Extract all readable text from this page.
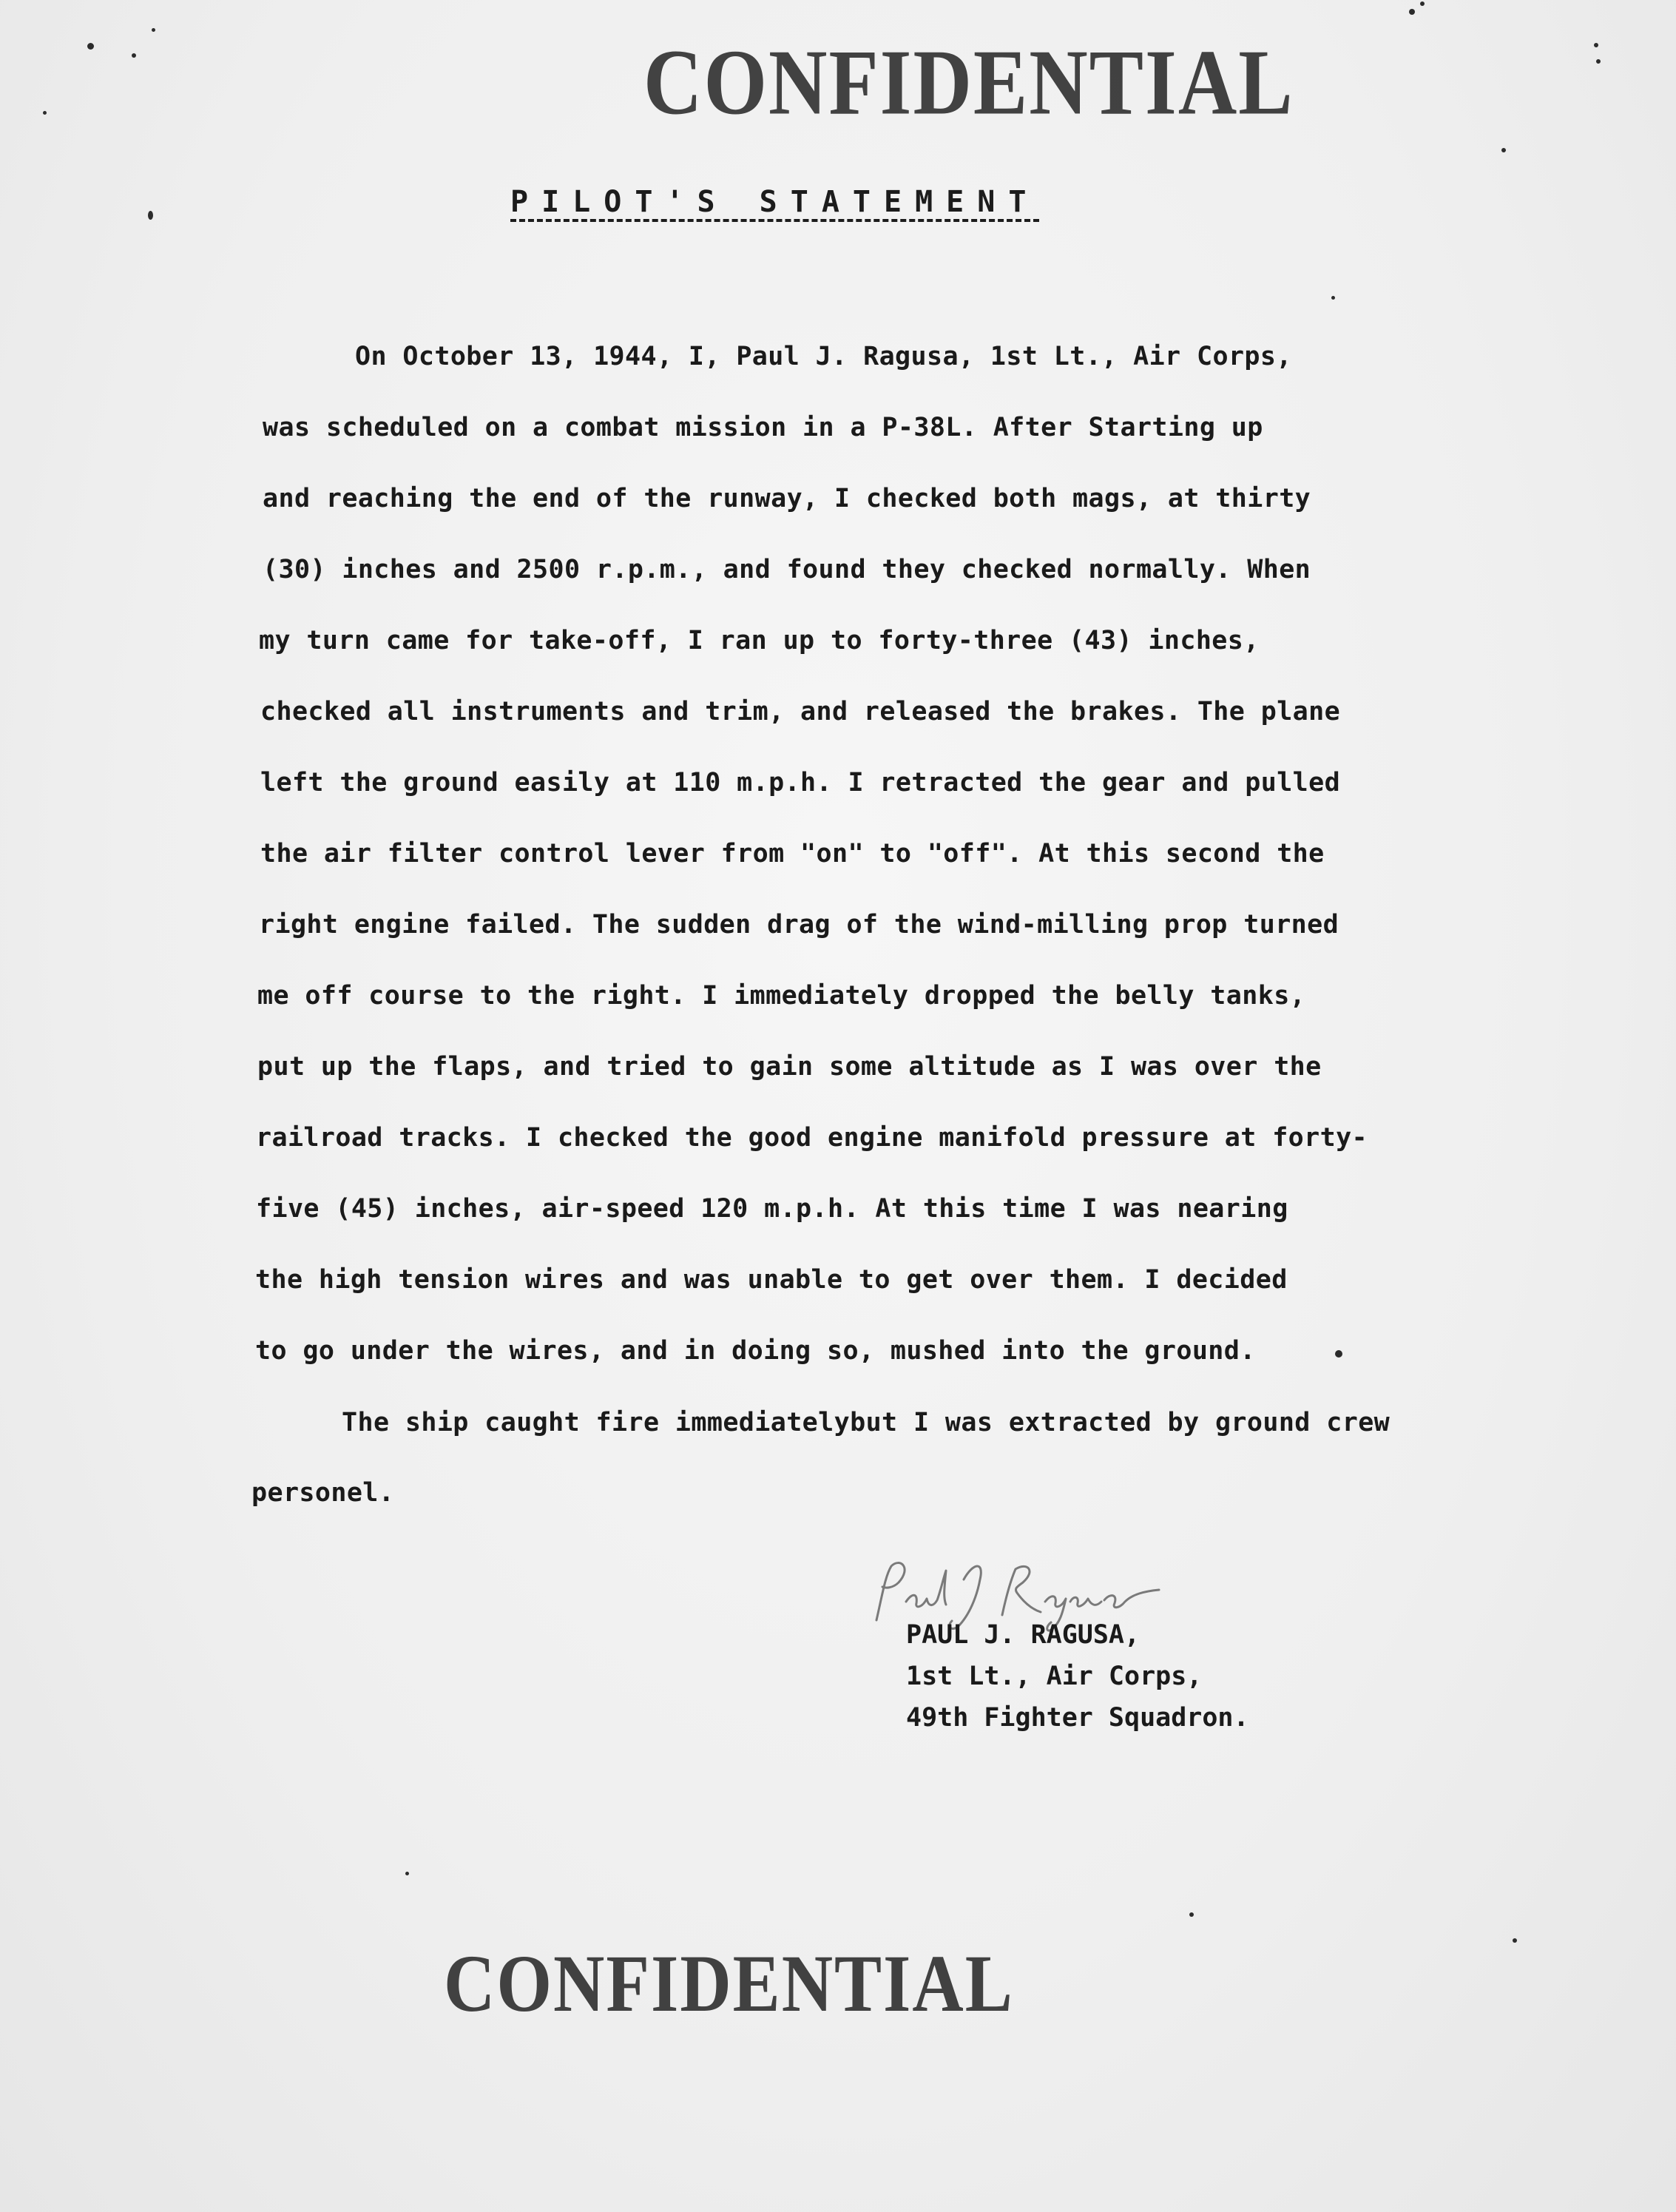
CONFIDENTIAL
PILOT'S STATEMENT
On October 13, 1944, I, Paul J. Ragusa, 1st Lt., Air Corps,
was scheduled on a combat mission in a P-38L. After Starting up
and reaching the end of the runway, I checked both mags, at thirty
(30) inches and 2500 r.p.m., and found they checked normally. When
my turn came for take-off, I ran up to forty-three (43) inches,
checked all instruments and trim, and released the brakes. The plane
left the ground easily at 110 m.p.h. I retracted the gear and pulled
the air filter control lever from "on" to "off". At this second the
right engine failed. The sudden drag of the wind-milling prop turned
me off course to the right. I immediately dropped the belly tanks,
put up the flaps, and tried to gain some altitude as I was over the
railroad tracks. I checked the good engine manifold pressure at forty-
five (45) inches, air-speed 120 m.p.h. At this time I was nearing
the high tension wires and was unable to get over them. I decided
to go under the wires, and in doing so, mushed into the ground.
The ship caught fire immediatelybut I was extracted by ground crew
personel.
PAUL J. RAGUSA,
1st Lt., Air Corps,
49th Fighter Squadron.
CONFIDENTIAL
